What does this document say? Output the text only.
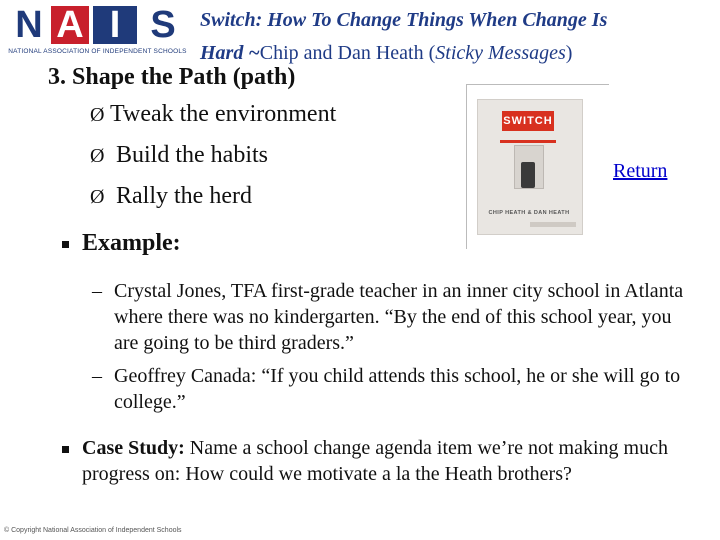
N A I S
NATIONAL ASSOCIATION OF INDEPENDENT SCHOOLS
Switch: How To Change Things When Change Is
Hard ~Chip and Dan Heath (Sticky Messages)
3. Shape the Path (path)
Ø Tweak the environment
Ø Build the habits
Ø Rally the herd
SWITCH
CHIP HEATH & DAN HEATH
Return
Example:
– Crystal Jones, TFA first-grade teacher in an inner city school in Atlanta where there was no kindergarten. “By the end of this school year, you are going to be third graders.”
– Geoffrey Canada: “If you child attends this school, he or she will go to college.”
Case Study: Name a school change agenda item we’re not making much progress on: How could we motivate a la the Heath brothers?
© Copyright National Association of Independent Schools
